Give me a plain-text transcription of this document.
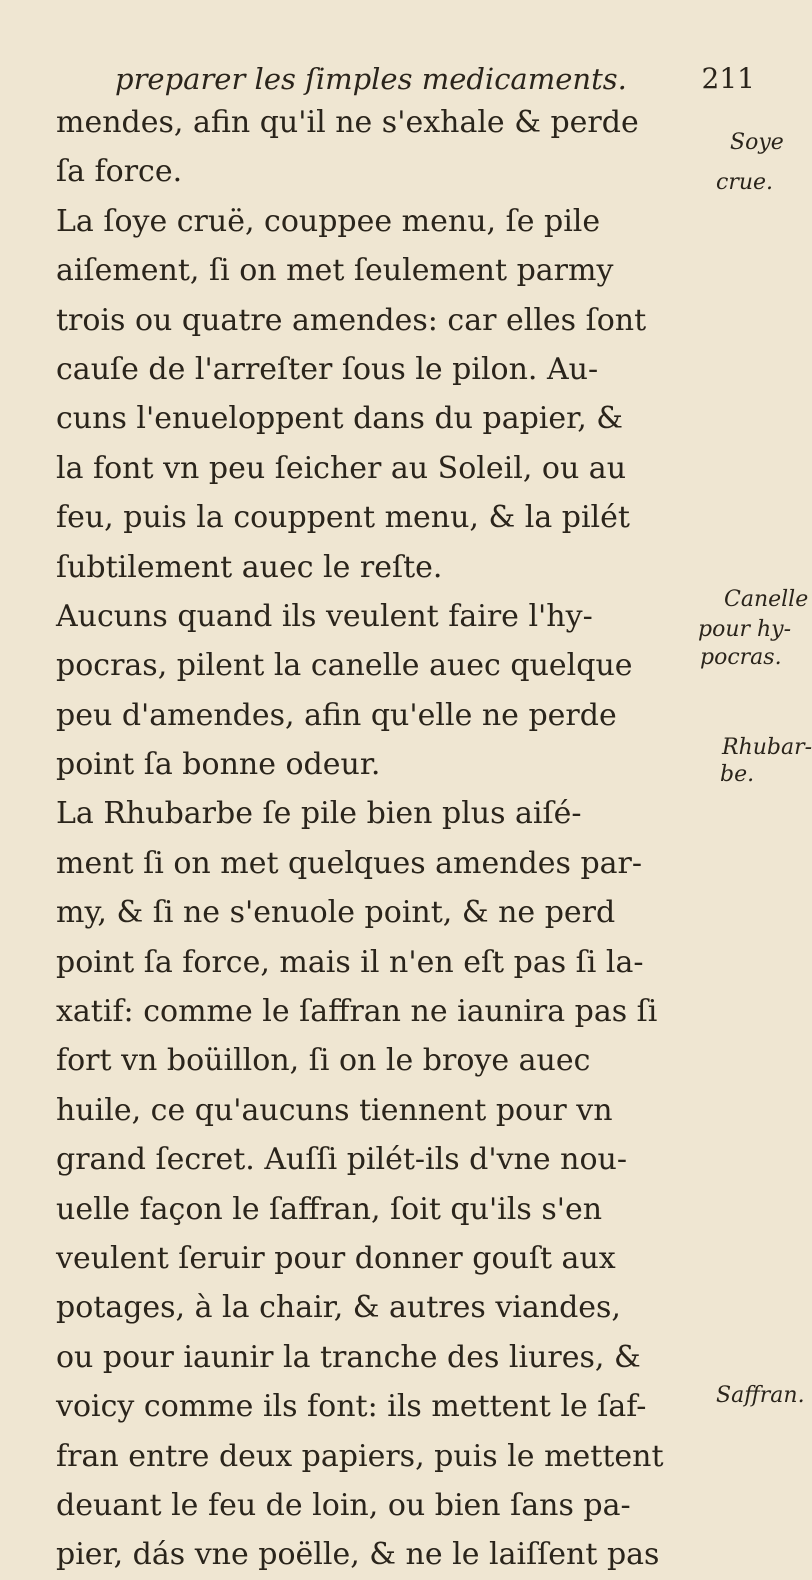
preparer les ſimples medicaments.	211
mendes, afin qu'il ne s'exhale & perde
ſa force.
La ſoye cruë, couppee menu, ſe pile
aiſement, ſi on met ſeulement parmy
trois ou quatre amendes: car elles ſont
cauſe de l'arreſter ſous le pilon. Au-
cuns l'enueloppent dans du papier, &
la font vn peu ſeicher au Soleil, ou au
feu, puis la couppent menu, & la pilét
ſubtilement auec le reſte.
Aucuns quand ils veulent faire l'hy-
pocras, pilent la canelle auec quelque
peu d'amendes, afin qu'elle ne perde
point ſa bonne odeur.
La Rhubarbe ſe pile bien plus aiſé-
ment ſi on met quelques amendes par-
my, & ſi ne s'enuole point, & ne perd
point ſa force, mais il n'en eſt pas ſi la-
xatif: comme le ſaffran ne iaunira pas ſi
fort vn boüillon, ſi on le broye auec
huile, ce qu'aucuns tiennent pour vn
grand ſecret. Auſſi pilét-ils d'vne nou-
uelle façon le ſaffran, ſoit qu'ils s'en
veulent ſeruir pour donner gouſt aux
potages, à la chair, & autres viandes,
ou pour iaunir la tranche des liures, &
voicy comme ils font: ils mettent le ſaf-
fran entre deux papiers, puis le mettent
deuant le feu de loin, ou bien ſans pa-
pier, dás vne poëlle, & ne le laiſſent pas
Soye
crue.
Canelle
pour hy-
pocras.
Rhubar-
be.
Saffran.
